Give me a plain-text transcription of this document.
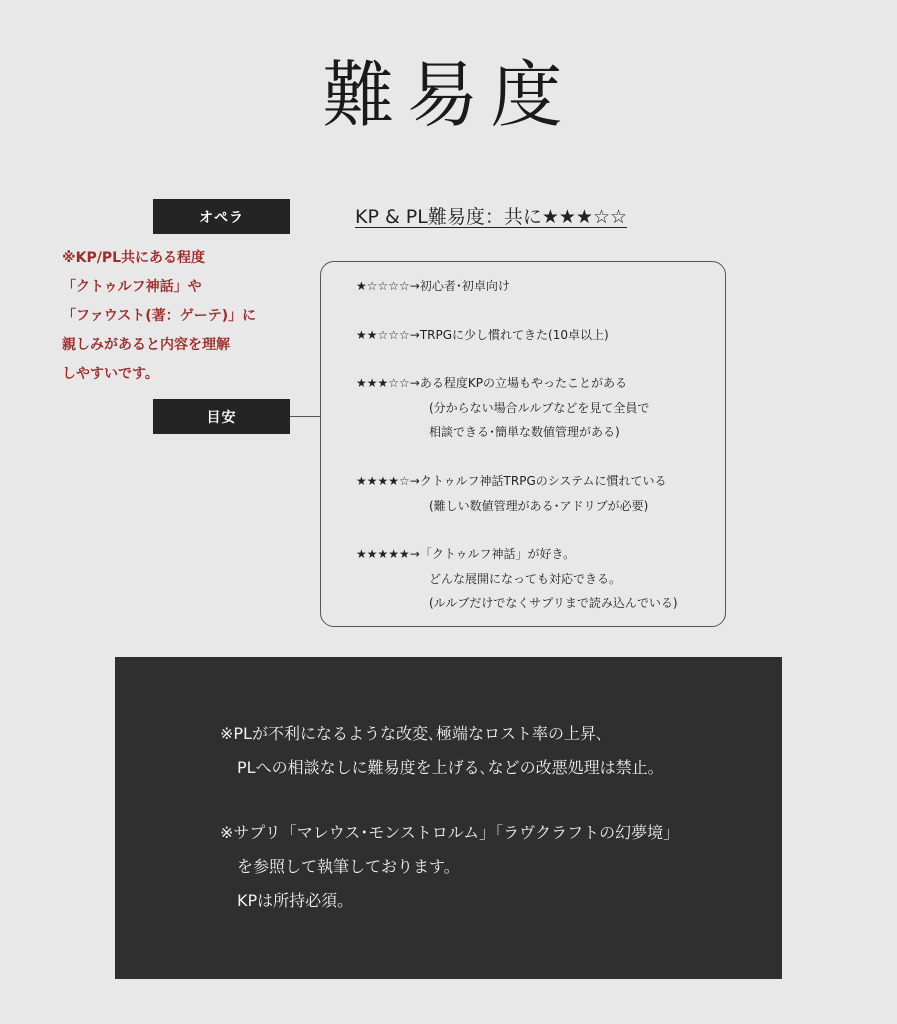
難易度
オペラ	KP & PL難易度：共に★★★☆☆
※KP/PL共にある程度
「クトゥルフ神話」や
「ファウスト(著：ゲーテ)」に
親しみがあると内容を理解
しやすいです。
目安
★☆☆☆☆→初心者･初卓向け
★★☆☆☆→TRPGに少し慣れてきた(10卓以上)
★★★☆☆→ある程度KPの立場もやったことがある
(分からない場合ルルブなどを見て全員で
相談できる･簡単な数値管理がある)
★★★★☆→クトゥルフ神話TRPGのシステムに慣れている
(難しい数値管理がある･アドリブが必要)
★★★★★→「クトゥルフ神話」が好き。
どんな展開になっても対応できる。
(ルルブだけでなくサプリまで読み込んでいる)
※PLが不利になるような改変､極端なロスト率の上昇､
PLへの相談なしに難易度を上げる､などの改悪処理は禁止。
※サプリ「マレウス･モンストロルム」「ラヴクラフトの幻夢境」
を参照して執筆しております。
KPは所持必須。
